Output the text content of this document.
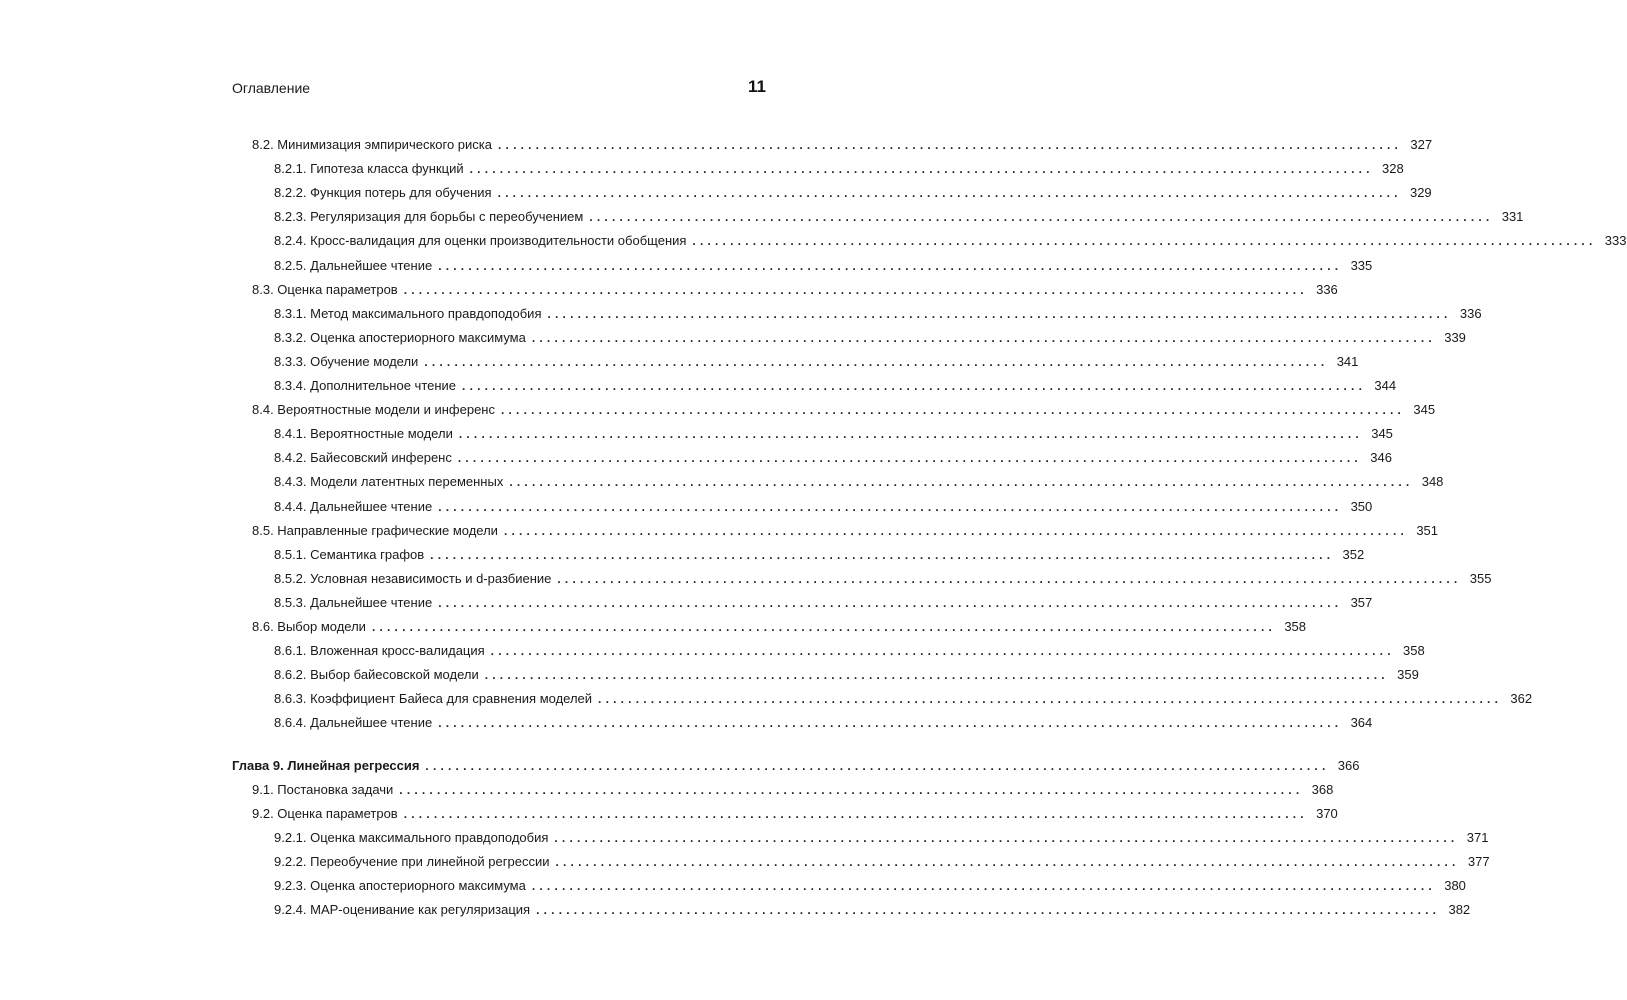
Оглавление	11
8.2. Минимизация эмпирического риска ........................................................................................................................ 327
8.2.1. Гипотеза класса функций ........................................................................................................................ 328
8.2.2. Функция потерь для обучения ........................................................................................................................ 329
8.2.3. Регуляризация для борьбы с переобучением ........................................................................................................................ 331
8.2.4. Кросс-валидация для оценки производительности обобщения ........................................................................................................................ 333
8.2.5. Дальнейшее чтение ........................................................................................................................ 335
8.3. Оценка параметров ........................................................................................................................ 336
8.3.1. Метод максимального правдоподобия ........................................................................................................................ 336
8.3.2. Оценка апостериорного максимума ........................................................................................................................ 339
8.3.3. Обучение модели ........................................................................................................................ 341
8.3.4. Дополнительное чтение ........................................................................................................................ 344
8.4. Вероятностные модели и инференс ........................................................................................................................ 345
8.4.1. Вероятностные модели ........................................................................................................................ 345
8.4.2. Байесовский инференс ........................................................................................................................ 346
8.4.3. Модели латентных переменных ........................................................................................................................ 348
8.4.4. Дальнейшее чтение ........................................................................................................................ 350
8.5. Направленные графические модели ........................................................................................................................ 351
8.5.1. Семантика графов ........................................................................................................................ 352
8.5.2. Условная независимость и d-разбиение ........................................................................................................................ 355
8.5.3. Дальнейшее чтение ........................................................................................................................ 357
8.6. Выбор модели ........................................................................................................................ 358
8.6.1. Вложенная кросс-валидация ........................................................................................................................ 358
8.6.2. Выбор байесовской модели ........................................................................................................................ 359
8.6.3. Коэффициент Байеса для сравнения моделей ........................................................................................................................ 362
8.6.4. Дальнейшее чтение ........................................................................................................................ 364
Глава 9. Линейная регрессия ........................................................................................................................ 366
9.1. Постановка задачи ........................................................................................................................ 368
9.2. Оценка параметров ........................................................................................................................ 370
9.2.1. Оценка максимального правдоподобия ........................................................................................................................ 371
9.2.2. Переобучение при линейной регрессии ........................................................................................................................ 377
9.2.3. Оценка апостериорного максимума ........................................................................................................................ 380
9.2.4. MAP-оценивание как регуляризация ........................................................................................................................ 382
